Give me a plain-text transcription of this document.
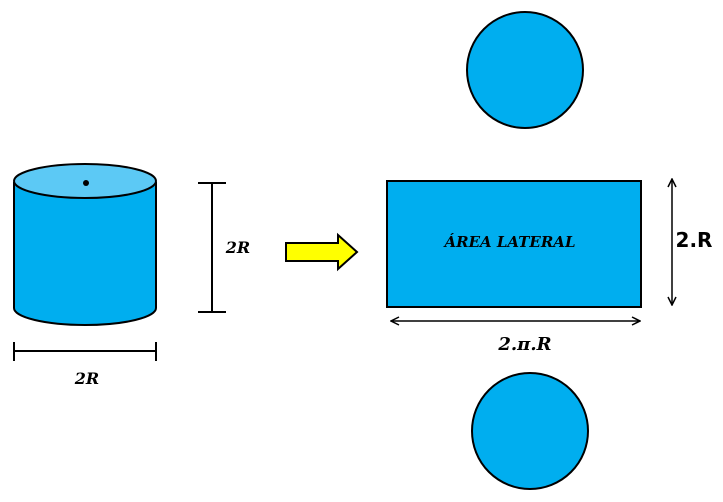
2R
2R	ÁREA LATERAL	2.R
2.π.R
